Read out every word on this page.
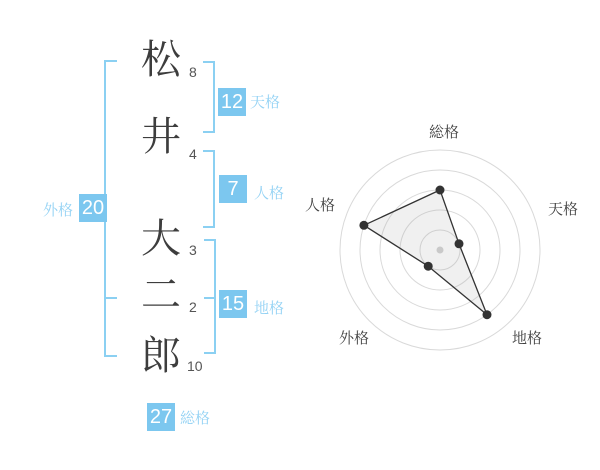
松
井
大
二
郎
8
4
3
2
10
12 天格
7	人格
15 地格
20
外格
27 総格
総格
天格
地格
外格
人格
